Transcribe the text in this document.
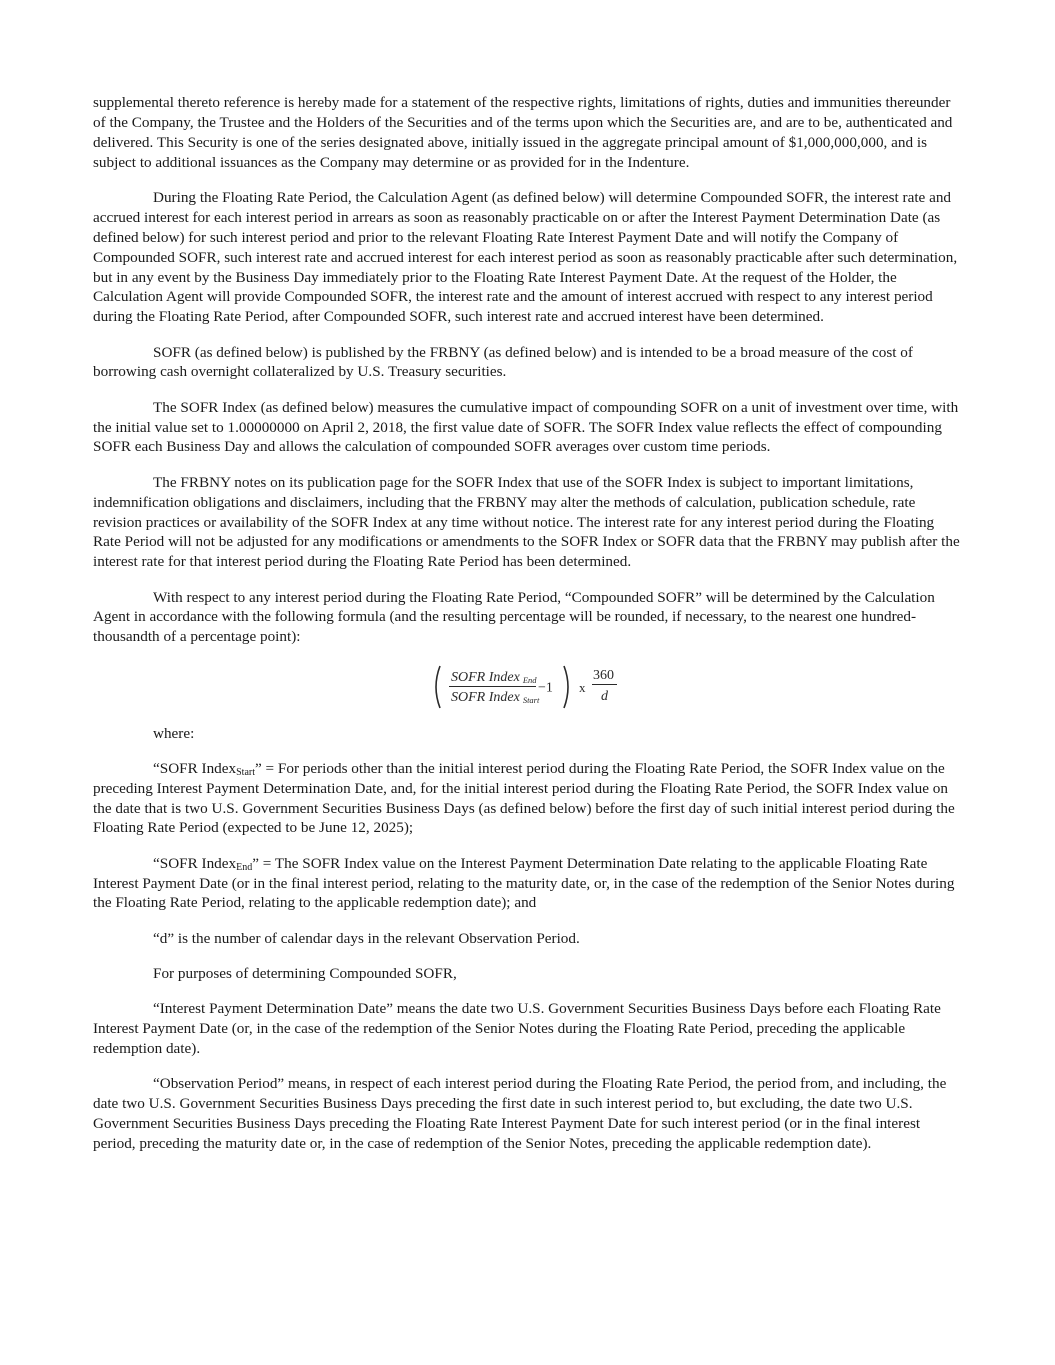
supplemental thereto reference is hereby made for a statement of the respective rights, limitations of rights, duties and immunities thereunder of the Company, the Trustee and the Holders of the Securities and of the terms upon which the Securities are, and are to be, authenticated and delivered. This Security is one of the series designated above, initially issued in the aggregate principal amount of $1,000,000,000, and is subject to additional issuances as the Company may determine or as provided for in the Indenture.

During the Floating Rate Period, the Calculation Agent (as defined below) will determine Compounded SOFR, the interest rate and accrued interest for each interest period in arrears as soon as reasonably practicable on or after the Interest Payment Determination Date (as defined below) for such interest period and prior to the relevant Floating Rate Interest Payment Date and will notify the Company of Compounded SOFR, such interest rate and accrued interest for each interest period as soon as reasonably practicable after such determination, but in any event by the Business Day immediately prior to the Floating Rate Interest Payment Date. At the request of the Holder, the Calculation Agent will provide Compounded SOFR, the interest rate and the amount of interest accrued with respect to any interest period during the Floating Rate Period, after Compounded SOFR, such interest rate and accrued interest have been determined.

SOFR (as defined below) is published by the FRBNY (as defined below) and is intended to be a broad measure of the cost of borrowing cash overnight collateralized by U.S. Treasury securities.

The SOFR Index (as defined below) measures the cumulative impact of compounding SOFR on a unit of investment over time, with the initial value set to 1.00000000 on April 2, 2018, the first value date of SOFR. The SOFR Index value reflects the effect of compounding SOFR each Business Day and allows the calculation of compounded SOFR averages over custom time periods.

The FRBNY notes on its publication page for the SOFR Index that use of the SOFR Index is subject to important limitations, indemnification obligations and disclaimers, including that the FRBNY may alter the methods of calculation, publication schedule, rate revision practices or availability of the SOFR Index at any time without notice. The interest rate for any interest period during the Floating Rate Period will not be adjusted for any modifications or amendments to the SOFR Index or SOFR data that the FRBNY may publish after the interest rate for that interest period during the Floating Rate Period has been determined.

With respect to any interest period during the Floating Rate Period, “Compounded SOFR” will be determined by the Calculation Agent in accordance with the following formula (and the resulting percentage will be rounded, if necessary, to the nearest one hundred-thousandth of a percentage point):

SOFR Index End
SOFR Index Start
−1 x
360
d

where:

“SOFR Index$_{Start}$” = For periods other than the initial interest period during the Floating Rate Period, the SOFR Index value on the preceding Interest Payment Determination Date, and, for the initial interest period during the Floating Rate Period, the SOFR Index value on the date that is two U.S. Government Securities Business Days (as defined below) before the first day of such initial interest period during the Floating Rate Period (expected to be June 12, 2025);

“SOFR Index$_{End}$” = The SOFR Index value on the Interest Payment Determination Date relating to the applicable Floating Rate Interest Payment Date (or in the final interest period, relating to the maturity date, or, in the case of the redemption of the Senior Notes during the Floating Rate Period, relating to the applicable redemption date); and

“d” is the number of calendar days in the relevant Observation Period.

For purposes of determining Compounded SOFR,

“Interest Payment Determination Date” means the date two U.S. Government Securities Business Days before each Floating Rate Interest Payment Date (or, in the case of the redemption of the Senior Notes during the Floating Rate Period, preceding the applicable redemption date).

“Observation Period” means, in respect of each interest period during the Floating Rate Period, the period from, and including, the date two U.S. Government Securities Business Days preceding the first date in such interest period to, but excluding, the date two U.S. Government Securities Business Days preceding the Floating Rate Interest Payment Date for such interest period (or in the final interest period, preceding the maturity date or, in the case of redemption of the Senior Notes, preceding the applicable redemption date).
